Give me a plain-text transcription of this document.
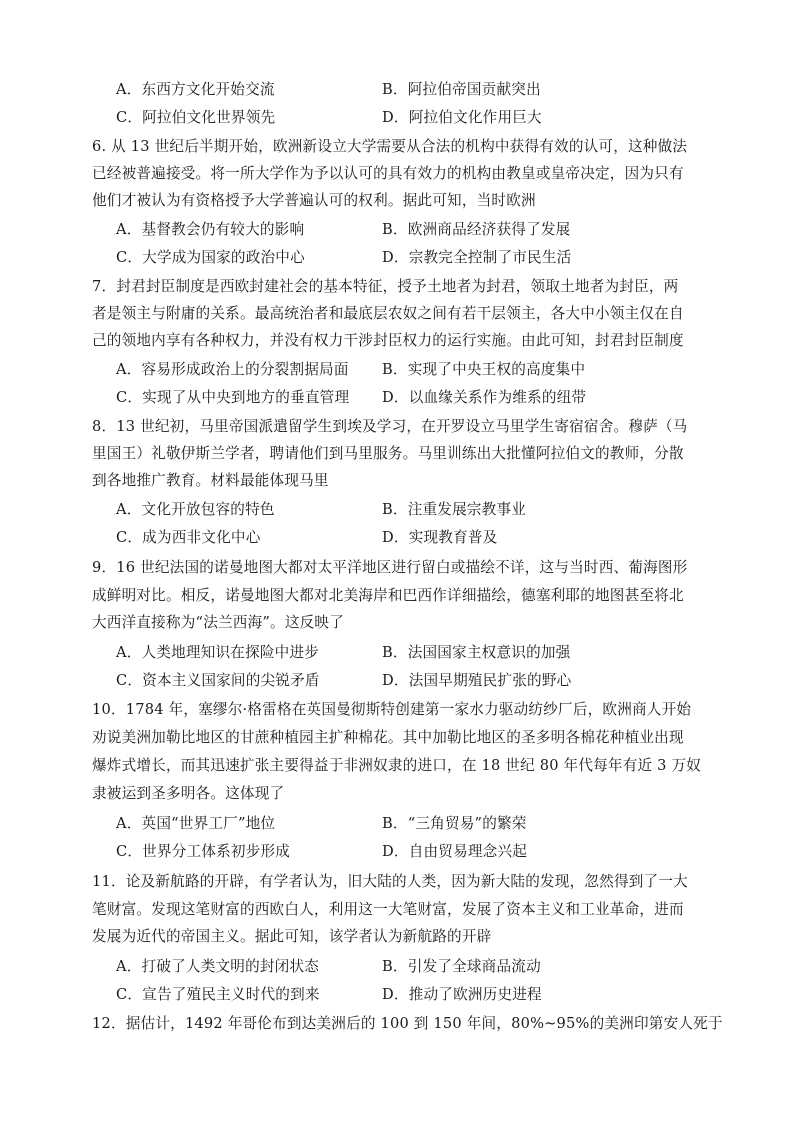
A．东西方文化开始交流	B．阿拉伯帝国贡献突出
C．阿拉伯文化世界领先	D．阿拉伯文化作用巨大
6. 从 13 世纪后半期开始，欧洲新设立大学需要从合法的机构中获得有效的认可，这种做法
已经被普遍接受。将一所大学作为予以认可的具有效力的机构由教皇或皇帝决定，因为只有
他们才被认为有资格授予大学普遍认可的权利。据此可知，当时欧洲
A．基督教会仍有较大的影响	B．欧洲商品经济获得了发展
C．大学成为国家的政治中心	D．宗教完全控制了市民生活
7．封君封臣制度是西欧封建社会的基本特征，授予土地者为封君，领取土地者为封臣，两
者是领主与附庸的关系。最高统治者和最底层农奴之间有若干层领主，各大中小领主仅在自
己的领地内享有各种权力，并没有权力干涉封臣权力的运行实施。由此可知，封君封臣制度
A．容易形成政治上的分裂割据局面 B．实现了中央王权的高度集中
C．实现了从中央到地方的垂直管理 D．以血缘关系作为维系的纽带
8．13 世纪初，马里帝国派遣留学生到埃及学习，在开罗设立马里学生寄宿宿舍。穆萨（马
里国王）礼敬伊斯兰学者，聘请他们到马里服务。马里训练出大批懂阿拉伯文的教师，分散
到各地推广教育。材料最能体现马里
A．文化开放包容的特色	B．注重发展宗教事业
C．成为西非文化中心	D．实现教育普及
9．16 世纪法国的诺曼地图大都对太平洋地区进行留白或描绘不详，这与当时西、葡海图形
成鲜明对比。相反，诺曼地图大都对北美海岸和巴西作详细描绘，德塞利耶的地图甚至将北
大西洋直接称为“法兰西海”。这反映了
A．人类地理知识在探险中进步	B．法国国家主权意识的加强
C．资本主义国家间的尖锐矛盾	D．法国早期殖民扩张的野心
10．1784 年，塞缪尔·格雷格在英国曼彻斯特创建第一家水力驱动纺纱厂后，欧洲商人开始
劝说美洲加勒比地区的甘蔗种植园主扩种棉花。其中加勒比地区的圣多明各棉花种植业出现
爆炸式增长，而其迅速扩张主要得益于非洲奴隶的进口，在 18 世纪 80 年代每年有近 3 万奴
隶被运到圣多明各。这体现了
A．英国“世界工厂”地位	B．“三角贸易”的繁荣
C．世界分工体系初步形成	D．自由贸易理念兴起
11．论及新航路的开辟，有学者认为，旧大陆的人类，因为新大陆的发现，忽然得到了一大
笔财富。发现这笔财富的西欧白人，利用这一大笔财富，发展了资本主义和工业革命，进而
发展为近代的帝国主义。据此可知，该学者认为新航路的开辟
A．打破了人类文明的封闭状态	B．引发了全球商品流动
C．宣告了殖民主义时代的到来	D．推动了欧洲历史进程
12．据估计，1492 年哥伦布到达美洲后的 100 到 150 年间，80%~95%的美洲印第安人死于
